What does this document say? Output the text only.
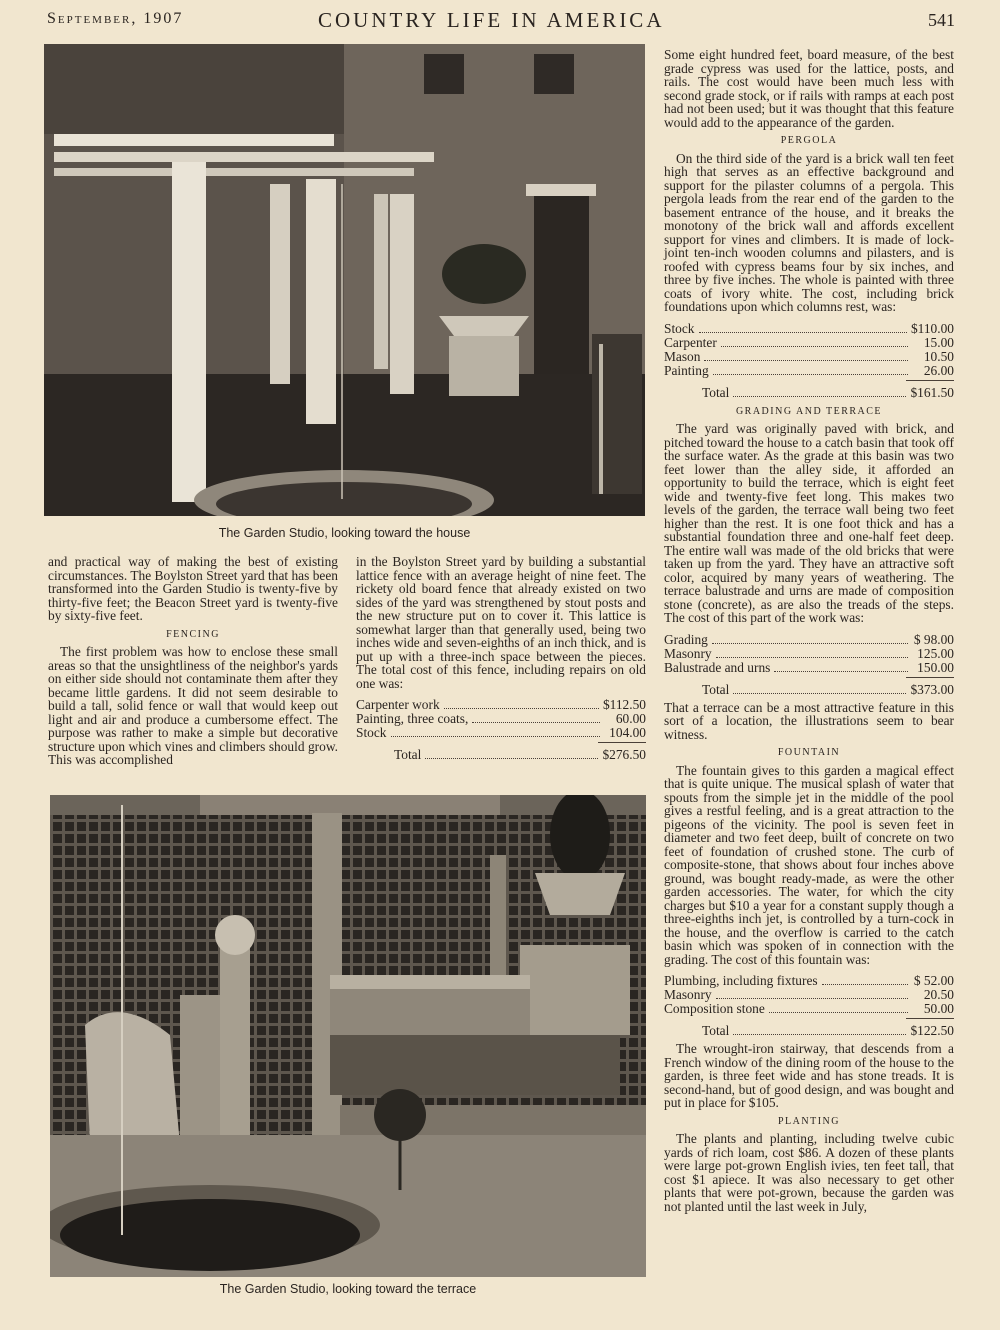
September, 1907	COUNTRY LIFE IN AMERICA	541
The Garden Studio, looking toward the house

and practical way of making the best of existing circumstances. The Boylston Street yard that has been transformed into the Garden Studio is twenty-five by thirty-five feet; the Beacon Street yard is twenty-five by sixty-five feet.

FENCING

The first problem was how to enclose these small areas so that the unsightliness of the neighbor's yards on either side should not contaminate them after they became little gardens. It did not seem desirable to build a tall, solid fence or wall that would keep out light and air and produce a cumbersome effect. The purpose was rather to make a simple but decorative structure upon which vines and climbers should grow. This was accomplished

in the Boylston Street yard by building a substantial lattice fence with an average height of nine feet. The rickety old board fence that already existed on two sides of the yard was strengthened by stout posts and the new structure put on to cover it. This lattice is somewhat larger than that generally used, being two inches wide and seven-eighths of an inch thick, and is put up with a three-inch space between the pieces. The total cost of this fence, including repairs on old one was:

Carpenter work	$112.50
Painting, three coats,	60.00
Stock	104.00
Total	$276.50
The Garden Studio, looking toward the terrace

Some eight hundred feet, board measure, of the best grade cypress was used for the lattice, posts, and rails. The cost would have been much less with second grade stock, or if rails with ramps at each post had not been used; but it was thought that this feature would add to the appearance of the garden.

PERGOLA

On the third side of the yard is a brick wall ten feet high that serves as an effective background and support for the pilaster columns of a pergola. This pergola leads from the rear end of the garden to the basement entrance of the house, and it breaks the monotony of the brick wall and affords excellent support for vines and climbers. It is made of lock-joint ten-inch wooden columns and pilasters, and is roofed with cypress beams four by six inches, and three by five inches. The whole is painted with three coats of ivory white. The cost, including brick foundations upon which columns rest, was:

Stock	$110.00
Carpenter	15.00
Mason	10.50
Painting	26.00
Total	$161.50
GRADING AND TERRACE

The yard was originally paved with brick, and pitched toward the house to a catch basin that took off the surface water. As the grade at this basin was two feet lower than the alley side, it afforded an opportunity to build the terrace, which is eight feet wide and twenty-five feet long. This makes two levels of the garden, the terrace wall being two feet higher than the rest. It is one foot thick and has a substantial foundation three and one-half feet deep. The entire wall was made of the old bricks that were taken up from the yard. They have an attractive soft color, acquired by many years of weathering. The terrace balustrade and urns are made of composition stone (concrete), as are also the treads of the steps. The cost of this part of the work was:

Grading	$ 98.00
Masonry	125.00
Balustrade and urns	150.00
Total	$373.00

That a terrace can be a most attractive feature in this sort of a location, the illustrations seem to bear witness.

FOUNTAIN

The fountain gives to this garden a magical effect that is quite unique. The musical splash of water that spouts from the simple jet in the middle of the pool gives a restful feeling, and is a great attraction to the pigeons of the vicinity. The pool is seven feet in diameter and two feet deep, built of concrete on two feet of foundation of crushed stone. The curb of composite-stone, that shows about four inches above ground, was bought ready-made, as were the other garden accessories. The water, for which the city charges but $10 a year for a constant supply though a three-eighths inch jet, is controlled by a turn-cock in the house, and the overflow is carried to the catch basin which was spoken of in connection with the grading. The cost of this fountain was:

Plumbing, including fixtures	$ 52.00
Masonry	20.50
Composition stone	50.00
Total	$122.50

The wrought-iron stairway, that descends from a French window of the dining room of the house to the garden, is three feet wide and has stone treads. It is second-hand, but of good design, and was bought and put in place for $105.

PLANTING

The plants and planting, including twelve cubic yards of rich loam, cost $86. A dozen of these plants were large pot-grown English ivies, ten feet tall, that cost $1 apiece. It was also necessary to get other plants that were pot-grown, because the garden was not planted until the last week in July,
